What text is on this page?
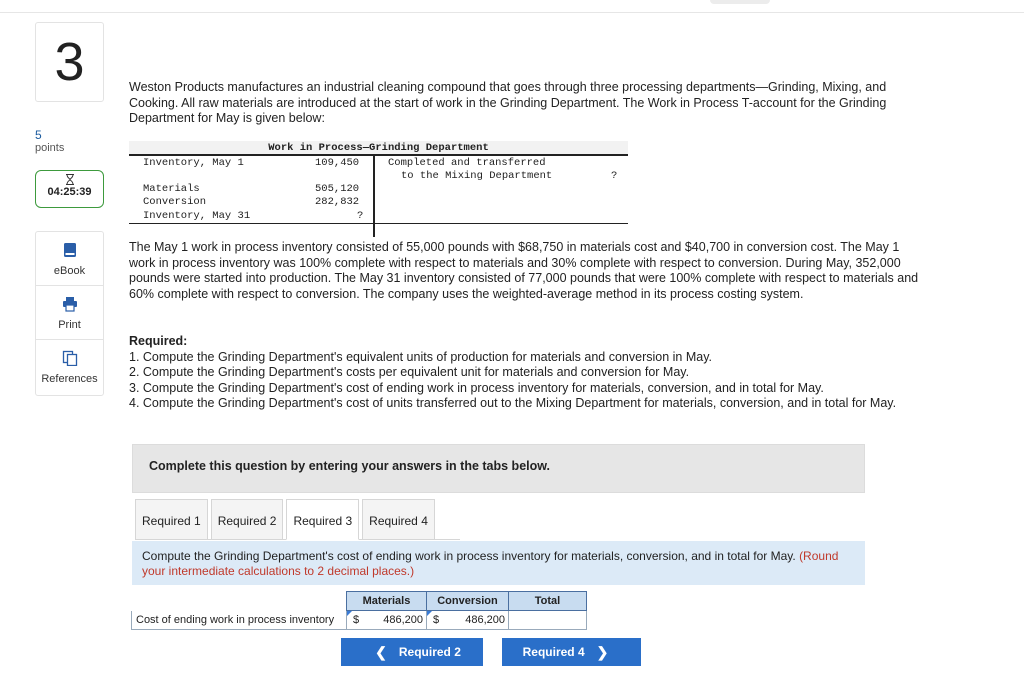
3
5
points
04:25:39
eBook
Print
References
Weston Products manufactures an industrial cleaning compound that goes through three processing departments—Grinding, Mixing, and Cooking. All raw materials are introduced at the start of work in the Grinding Department. The Work in Process T-account for the Grinding Department for May is given below:
Work in Process—Grinding Department
Inventory, May 1	109,450	Completed and transferred
to the Mixing Department	?
Materials	505,120
Conversion	282,832
Inventory, May 31	?
The May 1 work in process inventory consisted of 55,000 pounds with $68,750 in materials cost and $40,700 in conversion cost. The May 1 work in process inventory was 100% complete with respect to materials and 30% complete with respect to conversion. During May, 352,000 pounds were started into production. The May 31 inventory consisted of 77,000 pounds that were 100% complete with respect to materials and 60% complete with respect to conversion. The company uses the weighted-average method in its process costing system.
Required:
1. Compute the Grinding Department's equivalent units of production for materials and conversion in May.
2. Compute the Grinding Department's costs per equivalent unit for materials and conversion for May.
3. Compute the Grinding Department's cost of ending work in process inventory for materials, conversion, and in total for May.
4. Compute the Grinding Department's cost of units transferred out to the Mixing Department for materials, conversion, and in total for May.
Complete this question by entering your answers in the tabs below.
Required 1	Required 2	Required 3	Required 4
Compute the Grinding Department's cost of ending work in process inventory for materials, conversion, and in total for May. (Round your intermediate calculations to 2 decimal places.)
	Materials	Conversion	Total
Cost of ending work in process inventory	$ 486,200	$ 486,200	

❮ Required 2	Required 4 ❯
